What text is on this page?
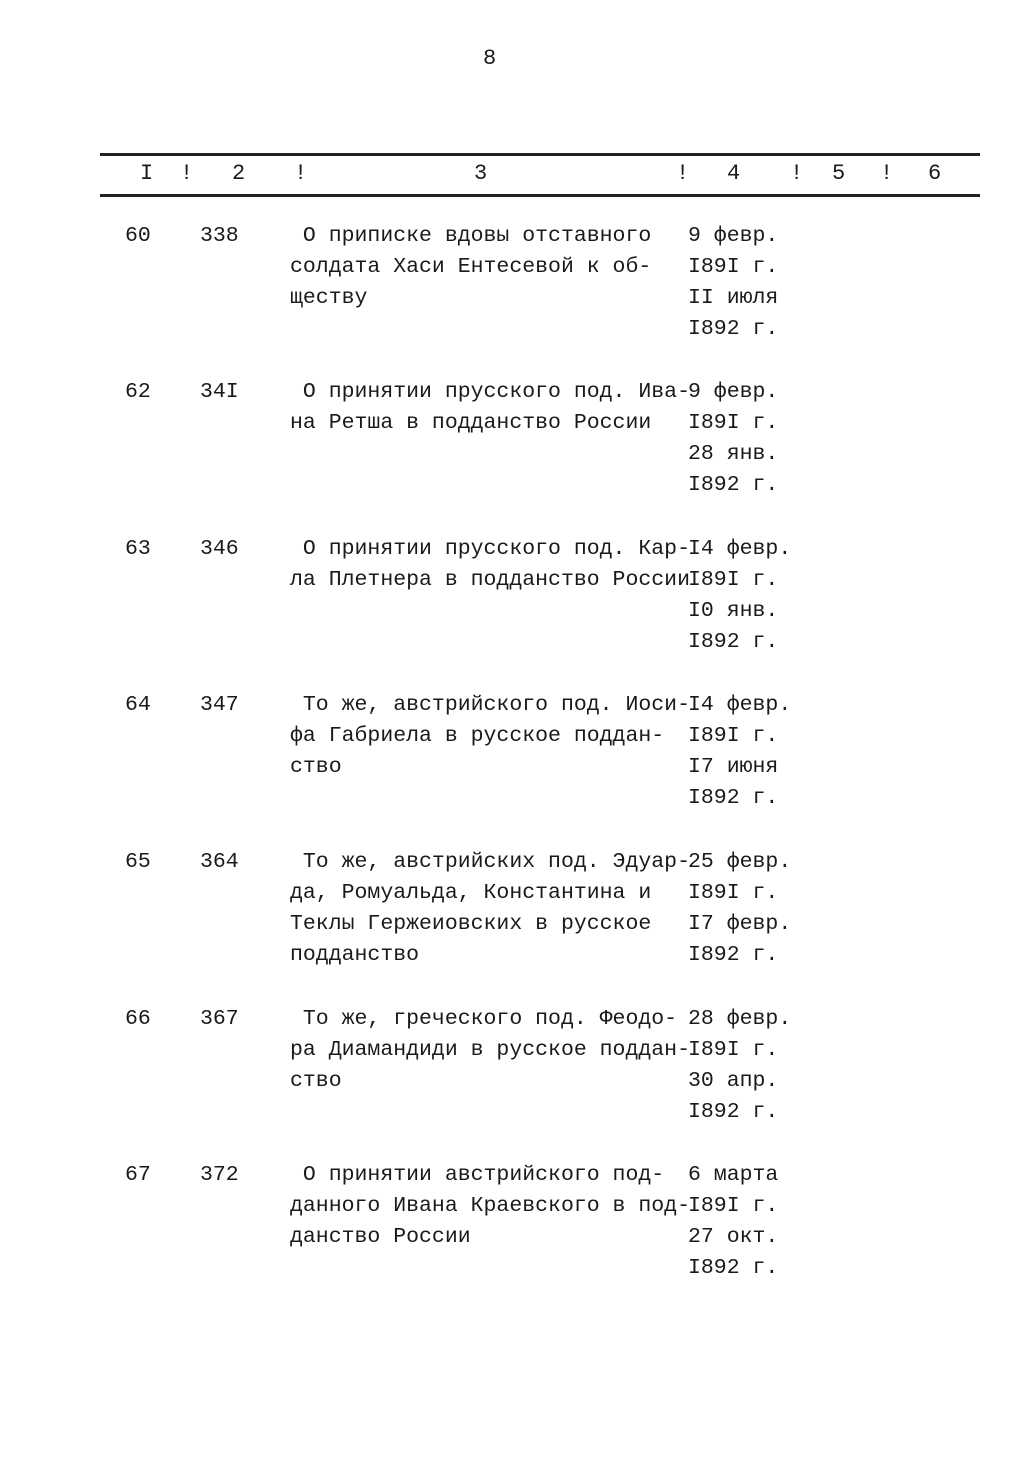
8
I ! 2 !	3	! 4 ! 5 ! 6
60 338 О приписке вдовы отставного
солдата Хаси Ентесевой к об-
ществу
9 февр.
I89I г.
II июля
I892 г.
62 34I О принятии прусского под. Ива-
на Ретша в подданство России
9 февр.
I89I г.
28 янв.
I892 г.
63 346 О принятии прусского под. Кар-
ла Плетнера в подданство России
I4 февр.
I89I г.
I0 янв.
I892 г.
64 347 То же, австрийского под. Иоси-
фа Габриела в русское поддан-
ство
I4 февр.
I89I г.
I7 июня
I892 г.
65 364 То же, австрийских под. Эдуар-
да, Ромуальда, Константина и
Теклы Гержеиовских в русское
подданство
25 февр.
I89I г.
I7 февр.
I892 г.
66 367 То же, греческого под. Феодо-
ра Диамандиди в русское поддан-
ство
28 февр.
I89I г.
30 апр.
I892 г.
67 372 О принятии австрийского под-
данного Ивана Краевского в под-
данство России
6 марта
I89I г.
27 окт.
I892 г.
